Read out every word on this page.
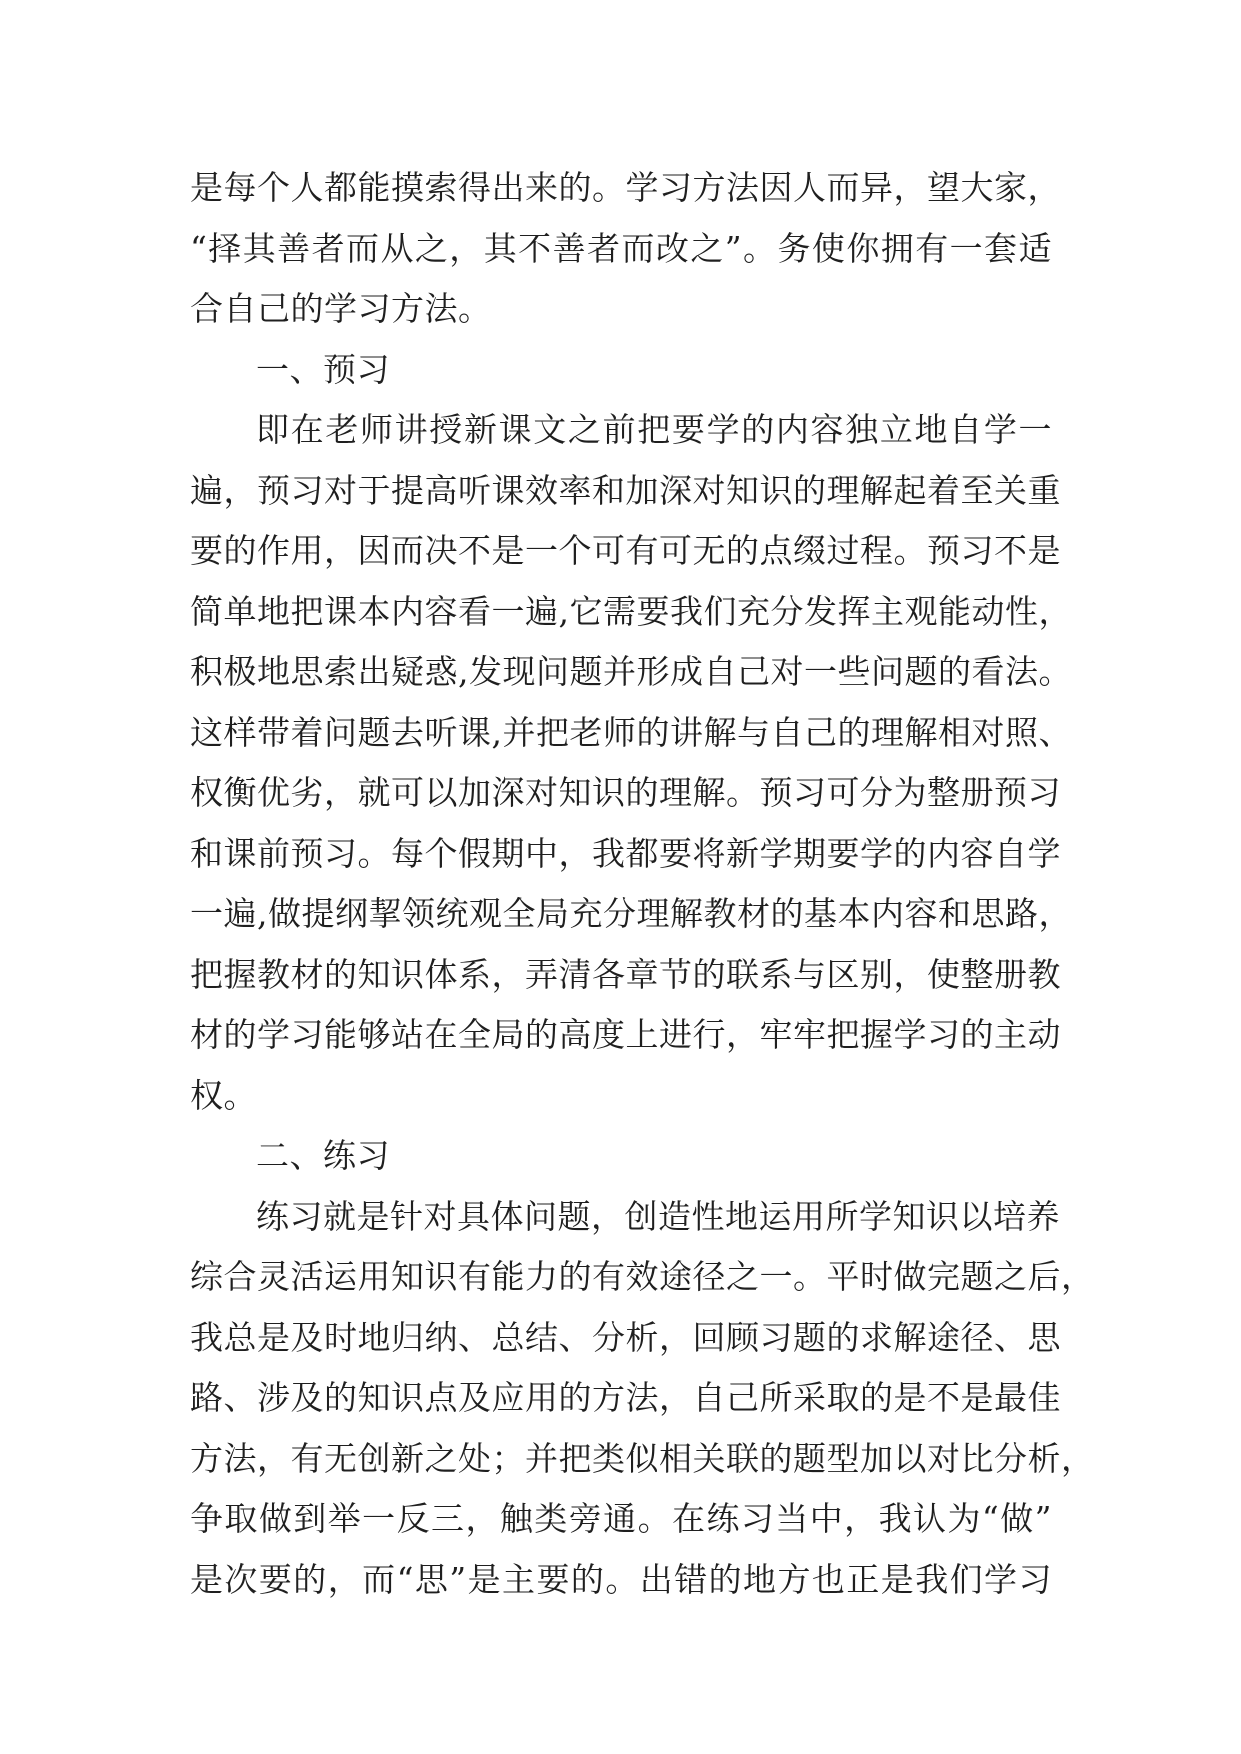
是每个人都能摸索得出来的。学习方法因人而异，望大家，
“择其善者而从之，其不善者而改之”。务使你拥有一套适
合自己的学习方法。
一、预习
即在老师讲授新课文之前把要学的内容独立地自学一
遍，预习对于提高听课效率和加深对知识的理解起着至关重
要的作用，因而决不是一个可有可无的点缀过程。预习不是
简单地把课本内容看一遍,它需要我们充分发挥主观能动性，
积极地思索出疑惑,发现问题并形成自己对一些问题的看法。
这样带着问题去听课,并把老师的讲解与自己的理解相对照、
权衡优劣，就可以加深对知识的理解。预习可分为整册预习
和课前预习。每个假期中，我都要将新学期要学的内容自学
一遍,做提纲挈领统观全局充分理解教材的基本内容和思路，
把握教材的知识体系，弄清各章节的联系与区别，使整册教
材的学习能够站在全局的高度上进行，牢牢把握学习的主动
权。
二、练习
练习就是针对具体问题，创造性地运用所学知识以培养
综合灵活运用知识有能力的有效途径之一。平时做完题之后，
我总是及时地归纳、总结、分析，回顾习题的求解途径、思
路、涉及的知识点及应用的方法，自己所采取的是不是最佳
方法，有无创新之处；并把类似相关联的题型加以对比分析，
争取做到举一反三，触类旁通。在练习当中，我认为“做”
是次要的，而“思”是主要的。出错的地方也正是我们学习
